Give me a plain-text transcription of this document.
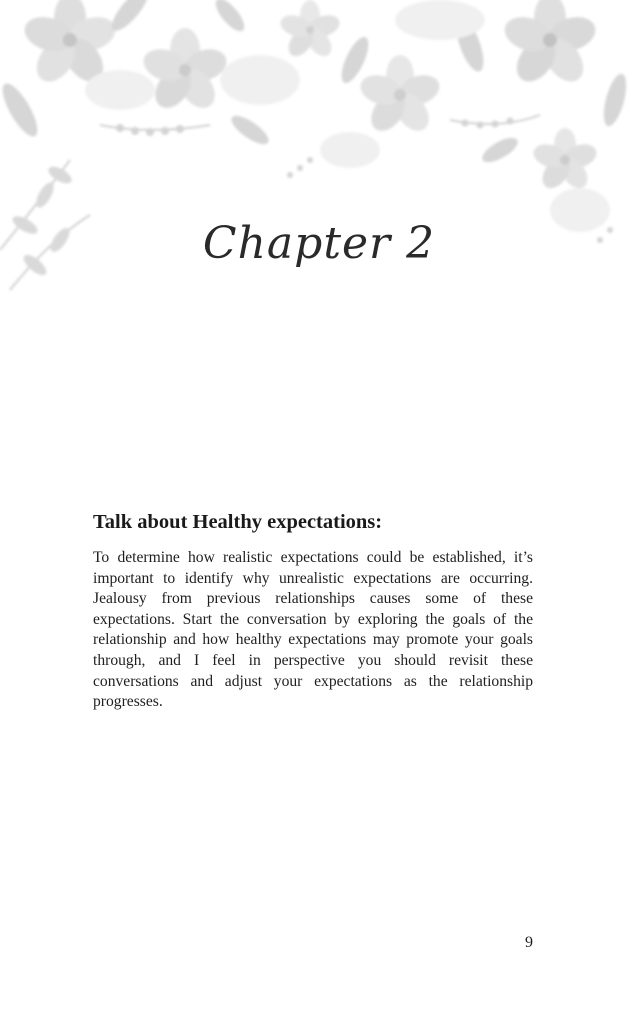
Chapter 2
Talk about Healthy expectations:
To determine how realistic expectations could be established, it’s important to identify why unrealistic expectations are occurring. Jealousy from previous relationships causes some of these expectations. Start the conversation by exploring the goals of the relationship and how healthy expectations may promote your goals through, and I feel in perspective you should revisit these conversations and adjust your expectations as the relationship progresses.
9
